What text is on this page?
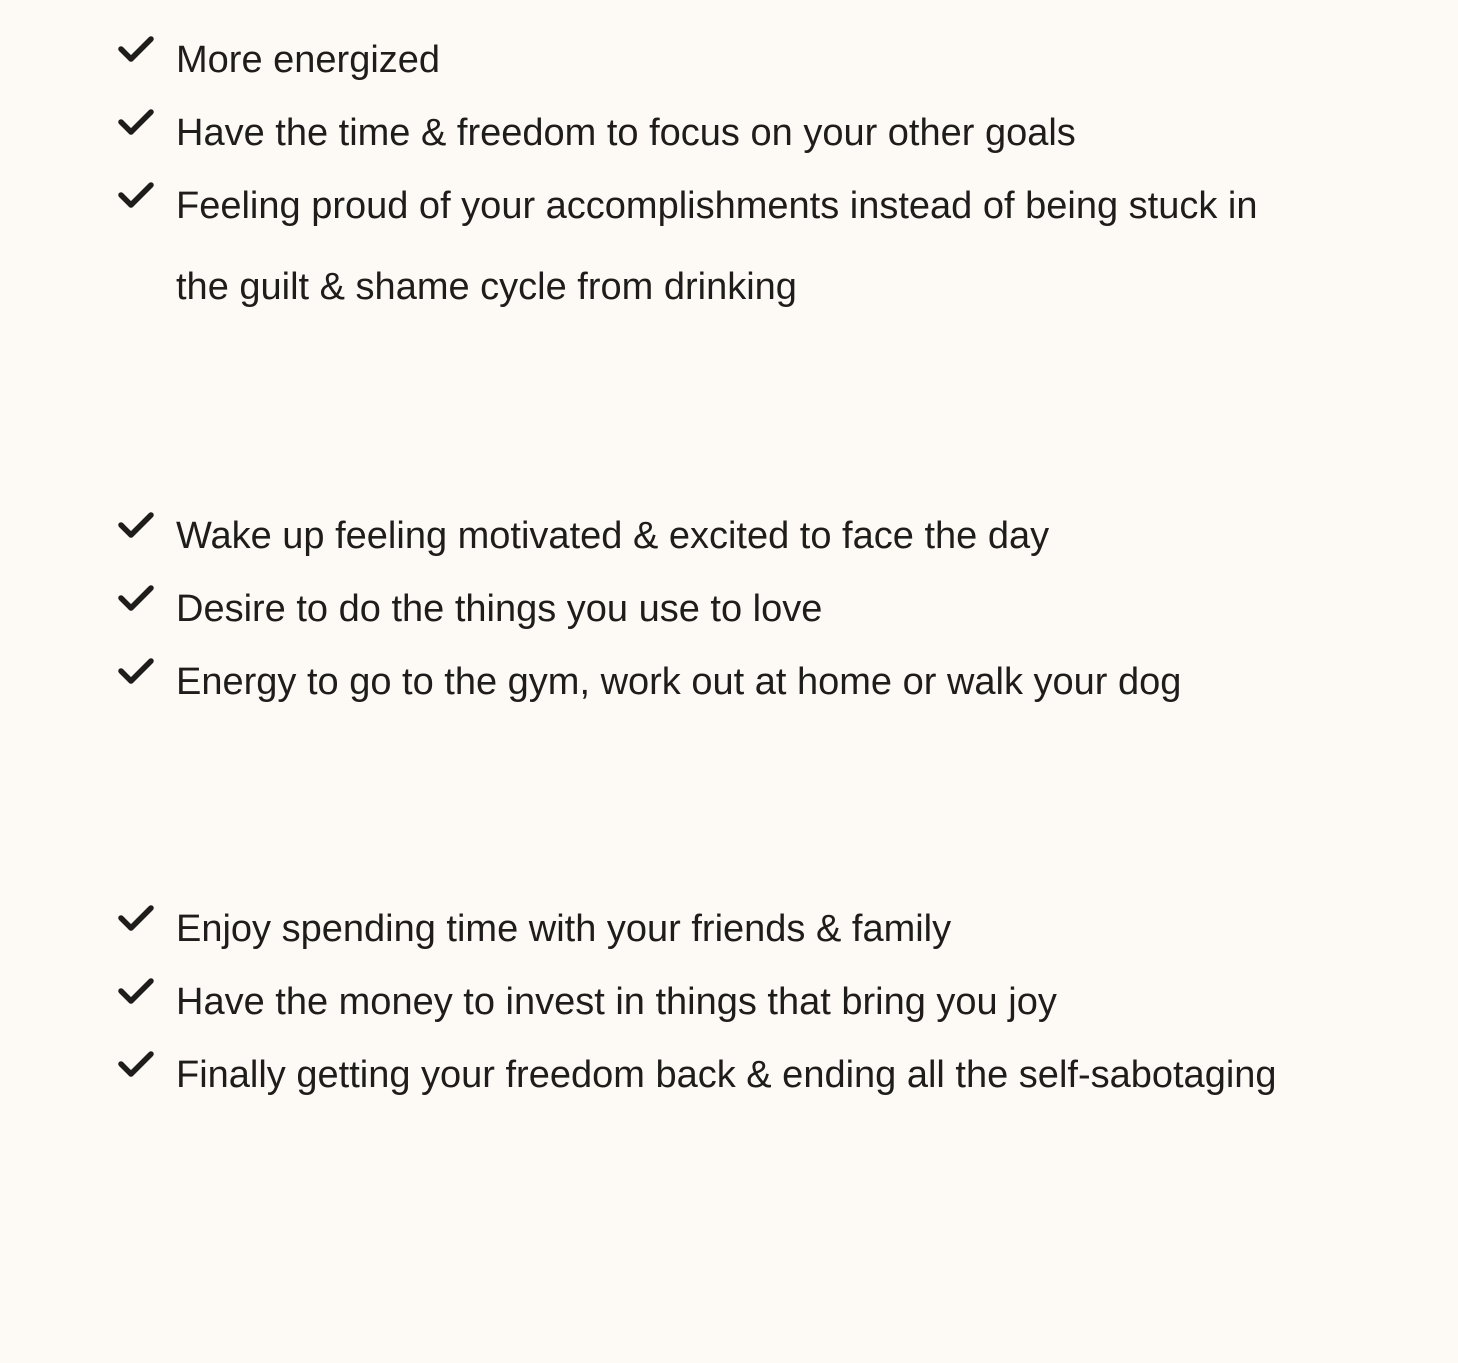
More energized
Have the time & freedom to focus on your other goals
Feeling proud of your accomplishments instead of being stuck in the guilt & shame cycle from drinking
Wake up feeling motivated & excited to face the day
Desire to do the things you use to love
Energy to go to the gym, work out at home or walk your dog
Enjoy spending time with your friends & family
Have the money to invest in things that bring you joy
Finally getting your freedom back & ending all the self-sabotaging
